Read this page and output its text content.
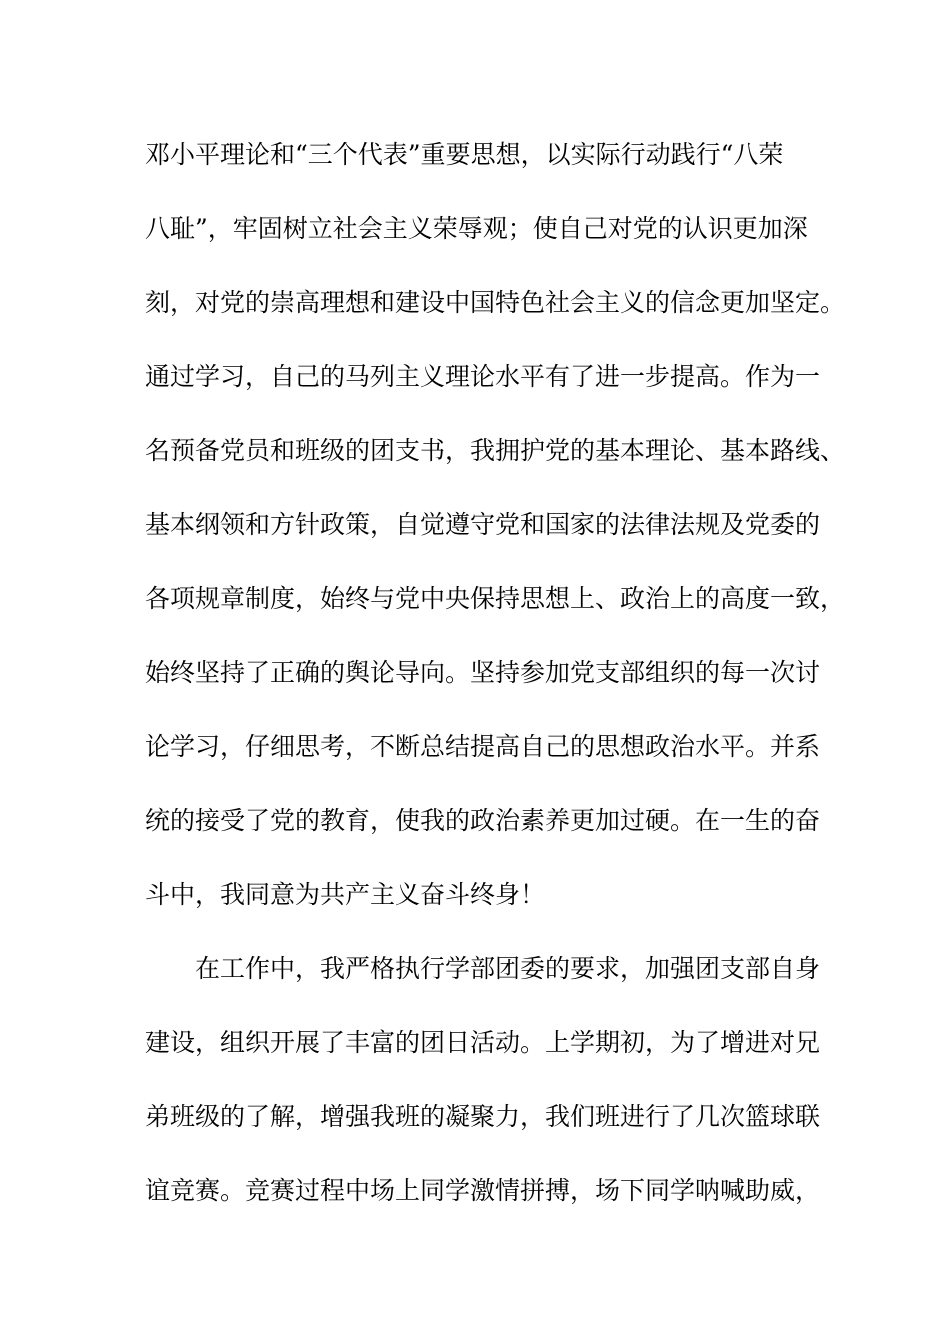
邓小平理论和“三个代表”重要思想，以实际行动践行“八荣
八耻”，牢固树立社会主义荣辱观；使自己对党的认识更加深
刻，对党的崇高理想和建设中国特色社会主义的信念更加坚定。
通过学习，自己的马列主义理论水平有了进一步提高。作为一
名预备党员和班级的团支书，我拥护党的基本理论、基本路线、
基本纲领和方针政策，自觉遵守党和国家的法律法规及党委的
各项规章制度，始终与党中央保持思想上、政治上的高度一致，
始终坚持了正确的舆论导向。坚持参加党支部组织的每一次讨
论学习，仔细思考，不断总结提高自己的思想政治水平。并系
统的接受了党的教育，使我的政治素养更加过硬。在一生的奋
斗中，我同意为共产主义奋斗终身！
在工作中，我严格执行学部团委的要求，加强团支部自身
建设，组织开展了丰富的团日活动。上学期初，为了增进对兄
弟班级的了解，增强我班的凝聚力，我们班进行了几次篮球联
谊竞赛。竞赛过程中场上同学激情拼搏，场下同学呐喊助威，
